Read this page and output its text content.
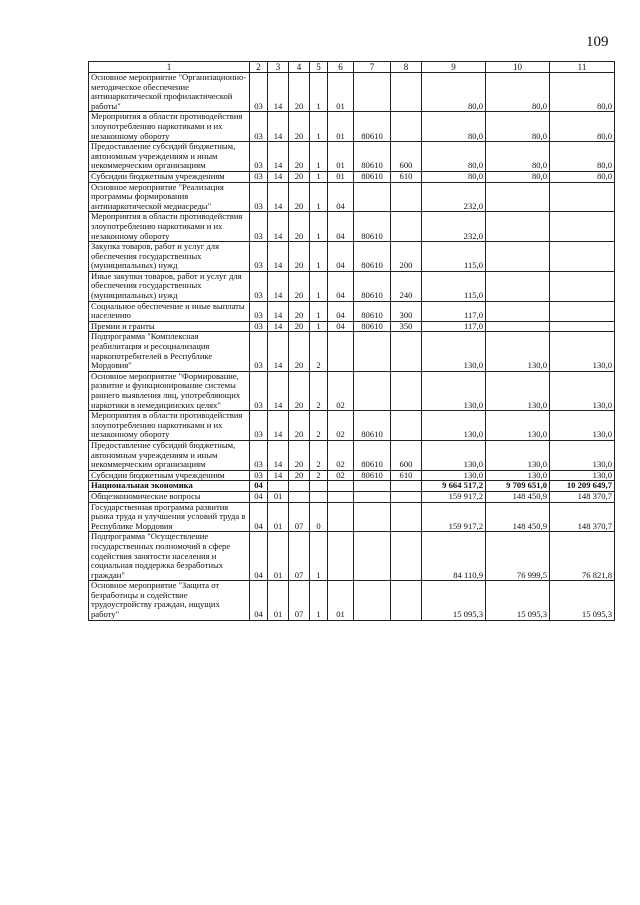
109
1	2	3	4	5	6	7	8	9	10	11
Основное мероприятие "Организационно-методическое обеспечение антинаркотической профилактической работы"	03	14	20	1	01			80,0	80,0	80,0
Мероприятия в области противодействия злоупотреблению наркотиками и их незаконному обороту	03	14	20	1	01	80610		80,0	80,0	80,0
Предоставление субсидий бюджетным, автономным учреждениям и иным некоммерческим организациям	03	14	20	1	01	80610	600	80,0	80,0	80,0
Субсидии бюджетным учреждениям	03	14	20	1	01	80610	610	80,0	80,0	80,0
Основное мероприятие "Реализация программы формирования антинаркотической медиасреды"	03	14	20	1	04			232,0		
Мероприятия в области противодействия злоупотреблению наркотиками и их незаконному обороту	03	14	20	1	04	80610		232,0		
Закупка товаров, работ и услуг для обеспечения государственных (муниципальных) нужд	03	14	20	1	04	80610	200	115,0		
Иные закупки товаров, работ и услуг для обеспечения государственных (муниципальных) нужд	03	14	20	1	04	80610	240	115,0		
Социальное обеспечение и иные выплаты населению	03	14	20	1	04	80610	300	117,0		
Премии и гранты	03	14	20	1	04	80610	350	117,0		
Подпрограмма "Комплексная реабилитация и ресоциализация наркопотребителей в Республике Мордовия"	03	14	20	2				130,0	130,0	130,0
Основное мероприятие "Формирование, развитие и функционирование системы раннего выявления лиц, употребляющих наркотики в немедицинских целях"	03	14	20	2	02			130,0	130,0	130,0
Мероприятия в области противодействия злоупотреблению наркотиками и их незаконному обороту	03	14	20	2	02	80610		130,0	130,0	130,0
Предоставление субсидий бюджетным, автономным учреждениям и иным некоммерческим организациям	03	14	20	2	02	80610	600	130,0	130,0	130,0
Субсидии бюджетным учреждениям	03	14	20	2	02	80610	610	130,0	130,0	130,0
Национальная экономика	04							9 664 517,2	9 709 651,0	10 209 649,7
Общеэкономические вопросы	04	01						159 917,2	148 450,9	148 370,7
Государственная программа развития рынка труда и улучшения условий труда в Республике Мордовия	04	01	07	0				159 917,2	148 450,9	148 370,7
Подпрограмма "Осуществление государственных полномочий в сфере содействия занятости населения и социальная поддержка безработных граждан"	04	01	07	1				84 110,9	76 999,5	76 821,8
Основное мероприятие "Защита от безработицы и содействие трудоустройству граждан, ищущих работу"	04	01	07	1	01			15 095,3	15 095,3	15 095,3
